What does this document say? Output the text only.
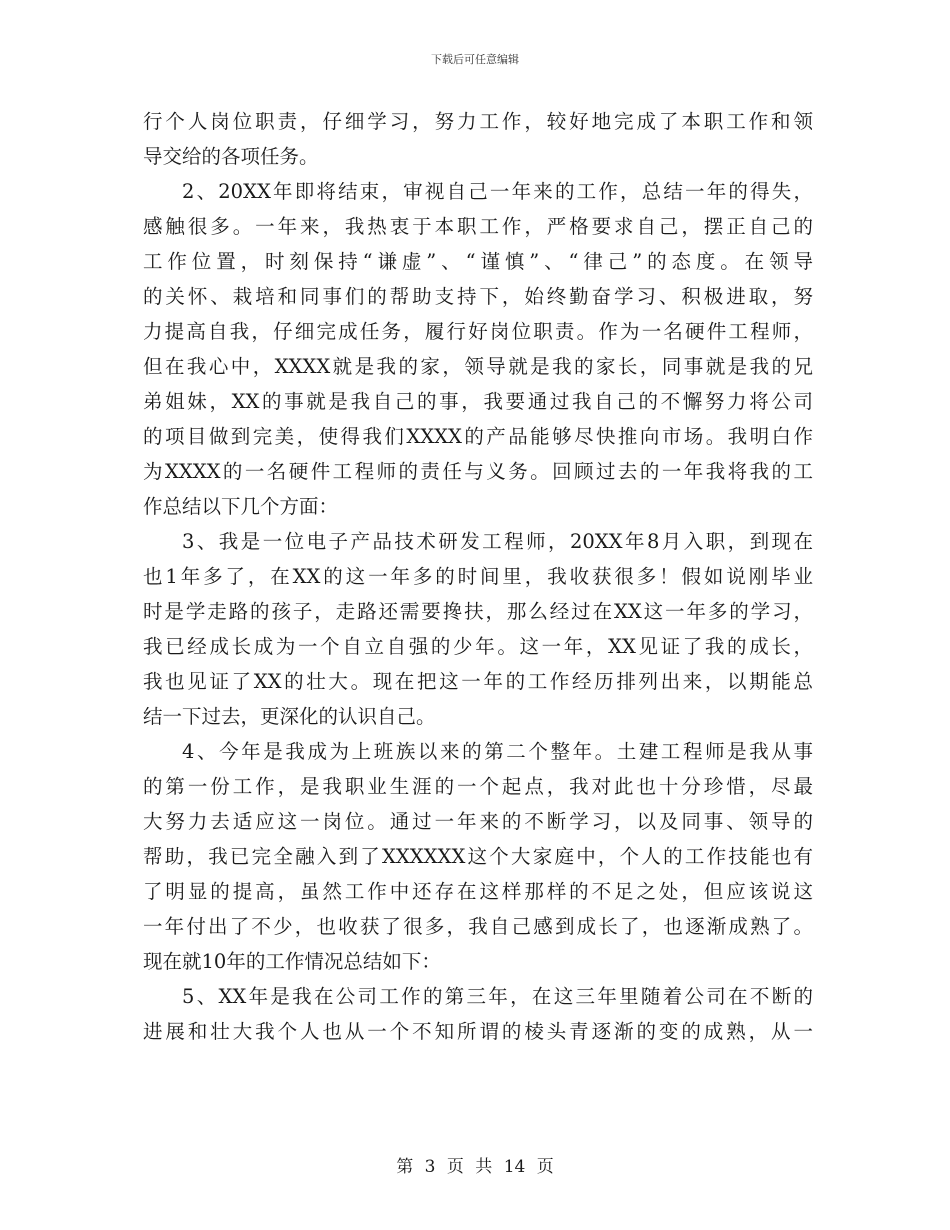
下载后可任意编辑
行个人岗位职责，仔细学习，努力工作，较好地完成了本职工作和领
导交给的各项任务。
2、20XX年即将结束，审视自己一年来的工作，总结一年的得失，
感触很多。一年来，我热衷于本职工作，严格要求自己，摆正自己的
工作位置，时刻保持“谦虚”、“谨慎”、“律己”的态度。在领导
的关怀、栽培和同事们的帮助支持下，始终勤奋学习、积极进取，努
力提高自我，仔细完成任务，履行好岗位职责。作为一名硬件工程师，
但在我心中，XXXX就是我的家，领导就是我的家长，同事就是我的兄
弟姐妹，XX的事就是我自己的事，我要通过我自己的不懈努力将公司
的项目做到完美，使得我们XXXX的产品能够尽快推向市场。我明白作
为XXXX的一名硬件工程师的责任与义务。回顾过去的一年我将我的工
作总结以下几个方面：
3、我是一位电子产品技术研发工程师，20XX年8月入职，到现在
也1年多了，在XX的这一年多的时间里，我收获很多！假如说刚毕业
时是学走路的孩子，走路还需要搀扶，那么经过在XX这一年多的学习，
我已经成长成为一个自立自强的少年。这一年，XX见证了我的成长，
我也见证了XX的壮大。现在把这一年的工作经历排列出来，以期能总
结一下过去，更深化的认识自己。
4、今年是我成为上班族以来的第二个整年。土建工程师是我从事
的第一份工作，是我职业生涯的一个起点，我对此也十分珍惜，尽最
大努力去适应这一岗位。通过一年来的不断学习，以及同事、领导的
帮助，我已完全融入到了XXXXXX这个大家庭中，个人的工作技能也有
了明显的提高，虽然工作中还存在这样那样的不足之处，但应该说这
一年付出了不少，也收获了很多，我自己感到成长了，也逐渐成熟了。
现在就10年的工作情况总结如下：
5、XX年是我在公司工作的第三年，在这三年里随着公司在不断的
进展和壮大我个人也从一个不知所谓的棱头青逐渐的变的成熟，从一
第 3 页 共 14 页
